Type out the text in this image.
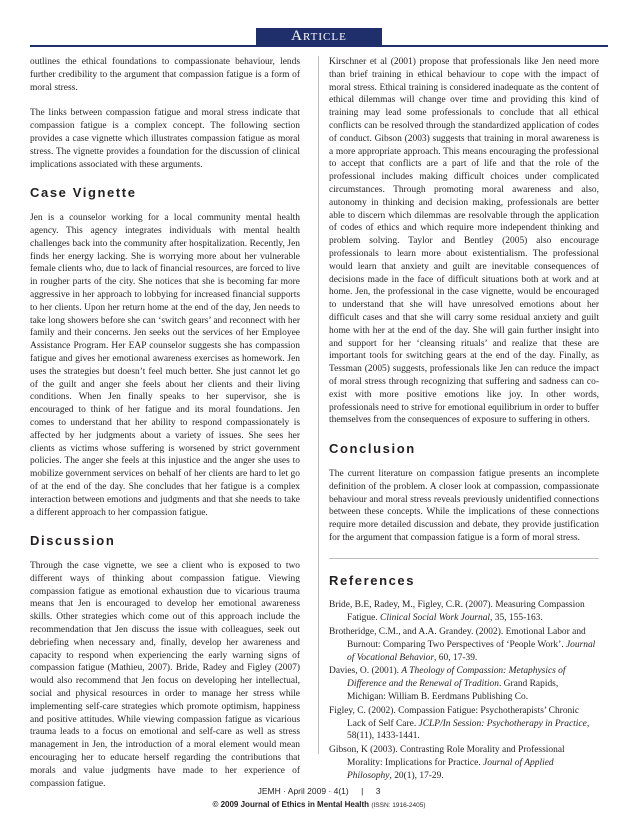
Article

outlines the ethical foundations to compassionate behaviour, lends further credibility to the argument that compassion fatigue is a form of moral stress.

The links between compassion fatigue and moral stress indicate that compassion fatigue is a complex concept. The following section provides a case vignette which illustrates compassion fatigue as moral stress. The vignette provides a foundation for the discussion of clinical implications associated with these arguments.

Case Vignette

Jen is a counselor working for a local community mental health agency. This agency integrates individuals with mental health challenges back into the community after hospitalization. Recently, Jen finds her energy lacking. She is worrying more about her vulnerable female clients who, due to lack of financial resources, are forced to live in rougher parts of the city. She notices that she is becoming far more aggressive in her approach to lobbying for increased financial supports to her clients. Upon her return home at the end of the day, Jen needs to take long showers before she can ‘switch gears’ and reconnect with her family and their concerns. Jen seeks out the services of her Employee Assistance Program. Her EAP counselor suggests she has compassion fatigue and gives her emotional awareness exercises as homework. Jen uses the strategies but doesn’t feel much better. She just cannot let go of the guilt and anger she feels about her clients and their living conditions. When Jen finally speaks to her supervisor, she is encouraged to think of her fatigue and its moral foundations. Jen comes to understand that her ability to respond compassionately is affected by her judgments about a variety of issues. She sees her clients as victims whose suffering is worsened by strict government policies. The anger she feels at this injustice and the anger she uses to mobilize government services on behalf of her clients are hard to let go of at the end of the day. She concludes that her fatigue is a complex interaction between emotions and judgments and that she needs to take a different approach to her compassion fatigue.

Discussion

Through the case vignette, we see a client who is exposed to two different ways of thinking about compassion fatigue. Viewing compassion fatigue as emotional exhaustion due to vicarious trauma means that Jen is encouraged to develop her emotional awareness skills. Other strategies which come out of this approach include the recommendation that Jen discuss the issue with colleagues, seek out debriefing when necessary and, finally, develop her awareness and capacity to respond when experiencing the early warning signs of compassion fatigue (Mathieu, 2007). Bride, Radey and Figley (2007) would also recommend that Jen focus on developing her intellectual, social and physical resources in order to manage her stress while implementing self-care strategies which promote optimism, happiness and positive attitudes. While viewing compassion fatigue as vicarious trauma leads to a focus on emotional and self-care as well as stress management in Jen, the introduction of a moral element would mean encouraging her to educate herself regarding the contributions that morals and value judgments have made to her experience of compassion fatigue.

Kirschner et al (2001) propose that professionals like Jen need more than brief training in ethical behaviour to cope with the impact of moral stress. Ethical training is considered inadequate as the content of ethical dilemmas will change over time and providing this kind of training may lead some professionals to conclude that all ethical conflicts can be resolved through the standardized application of codes of conduct. Gibson (2003) suggests that training in moral awareness is a more appropriate approach. This means encouraging the professional to accept that conflicts are a part of life and that the role of the professional includes making difficult choices under complicated circumstances. Through promoting moral awareness and also, autonomy in thinking and decision making, professionals are better able to discern which dilemmas are resolvable through the application of codes of ethics and which require more independent thinking and problem solving. Taylor and Bentley (2005) also encourage professionals to learn more about existentialism. The professional would learn that anxiety and guilt are inevitable consequences of decisions made in the face of difficult situations both at work and at home. Jen, the professional in the case vignette, would be encouraged to understand that she will have unresolved emotions about her difficult cases and that she will carry some residual anxiety and guilt home with her at the end of the day. She will gain further insight into and support for her ‘cleansing rituals’ and realize that these are important tools for switching gears at the end of the day. Finally, as Tessman (2005) suggests, professionals like Jen can reduce the impact of moral stress through recognizing that suffering and sadness can co-exist with more positive emotions like joy. In other words, professionals need to strive for emotional equilibrium in order to buffer themselves from the consequences of exposure to suffering in others.

Conclusion

The current literature on compassion fatigue presents an incomplete definition of the problem. A closer look at compassion, compassionate behaviour and moral stress reveals previously unidentified connections between these concepts. While the implications of these connections require more detailed discussion and debate, they provide justification for the argument that compassion fatigue is a form of moral stress.

References
Bride, B.E, Radey, M., Figley, C.R. (2007). Measuring Compassion Fatigue. Clinical Social Work Journal, 35, 155-163.
Brotheridge, C.M., and A.A. Grandey. (2002). Emotional Labor and Burnout: Comparing Two Perspectives of ‘People Work’. Journal of Vocational Behavior, 60, 17-39.
Davies, O. (2001). A Theology of Compassion: Metaphysics of Difference and the Renewal of Tradition. Grand Rapids, Michigan: William B. Eerdmans Publishing Co.
Figley, C. (2002). Compassion Fatigue: Psychotherapists’ Chronic Lack of Self Care. JCLP/In Session: Psychotherapy in Practice, 58(11), 1433-1441.
Gibson, K (2003). Contrasting Role Morality and Professional Morality: Implications for Practice. Journal of Applied Philosophy, 20(1), 17-29.
JEMH · April 2009 · 4(1) | 3
© 2009 Journal of Ethics in Mental Health (ISSN: 1916-2405)
